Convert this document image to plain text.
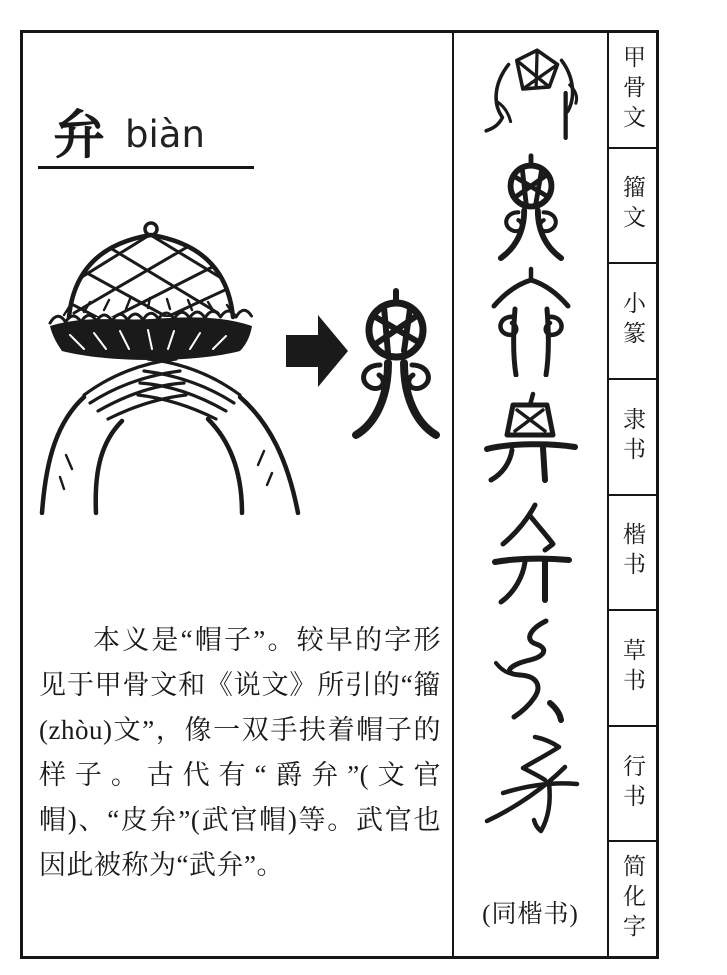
弁 biàn

本义是“帽子”。较早的字形见于甲骨文和《说文》所引的“籀(zhòu)文”，像一双手扶着帽子的样子。古代有“爵弁”(文官帽)、“皮弁”(武官帽)等。武官也因此被称为“武弁”。

(同楷书)
甲骨文
籀文
小篆
隶书
楷书
草书
行书
简化字
